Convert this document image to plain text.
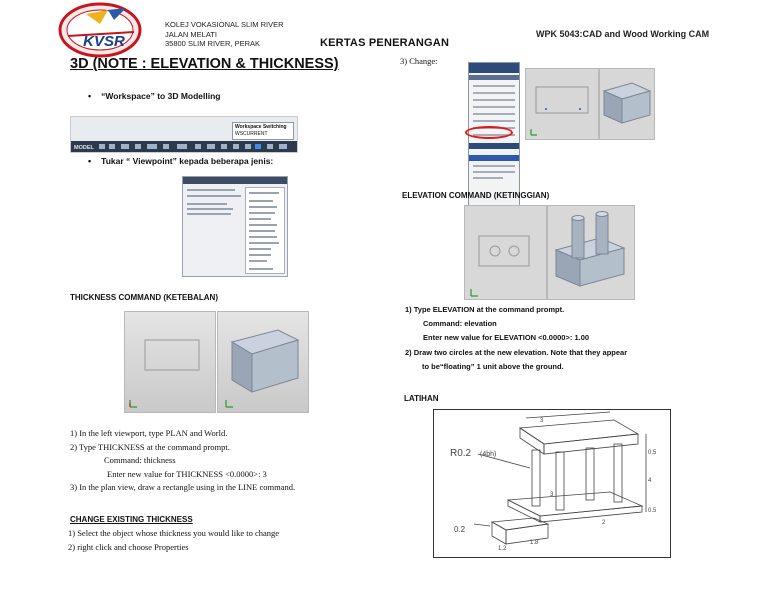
KVSR
KOLEJ VOKASIONAL SLIM RIVER
JALAN MELATI
35800 SLIM RIVER, PERAK
WPK 5043:CAD and Wood Working CAM
KERTAS PENERANGAN
3D (NOTE : ELEVATION & THICKNESS)
• “Workspace” to 3D Modelling
Workspace Switching
WSCURRENT
MODEL
• Tukar “ Viewpoint” kepada beberapa jenis:
THICKNESS COMMAND (KETEBALAN)
1) In the left viewport, type PLAN and World.
2) Type THICKNESS at the command prompt.
Command: thickness
Enter new value for THICKNESS <0.0000>: 3
3) In the plan view, draw a rectangle using in the LINE command.
CHANGE EXISTING THICKNESS
1) Select the object whose thickness you would like to change
2) right click and choose Properties
3) Change:
ELEVATION COMMAND (KETINGGIAN)
1) Type ELEVATION at the command prompt.
Command: elevation
Enter new value for ELEVATION <0.0000>: 1.00
2) Draw two circles at the new elevation. Note that they appear
to be“floating” 1 unit above the ground.
LATIHAN
R0.2 (4bh)
3
3
0.5
4
0.5
0.2
1.2
1.8
2
